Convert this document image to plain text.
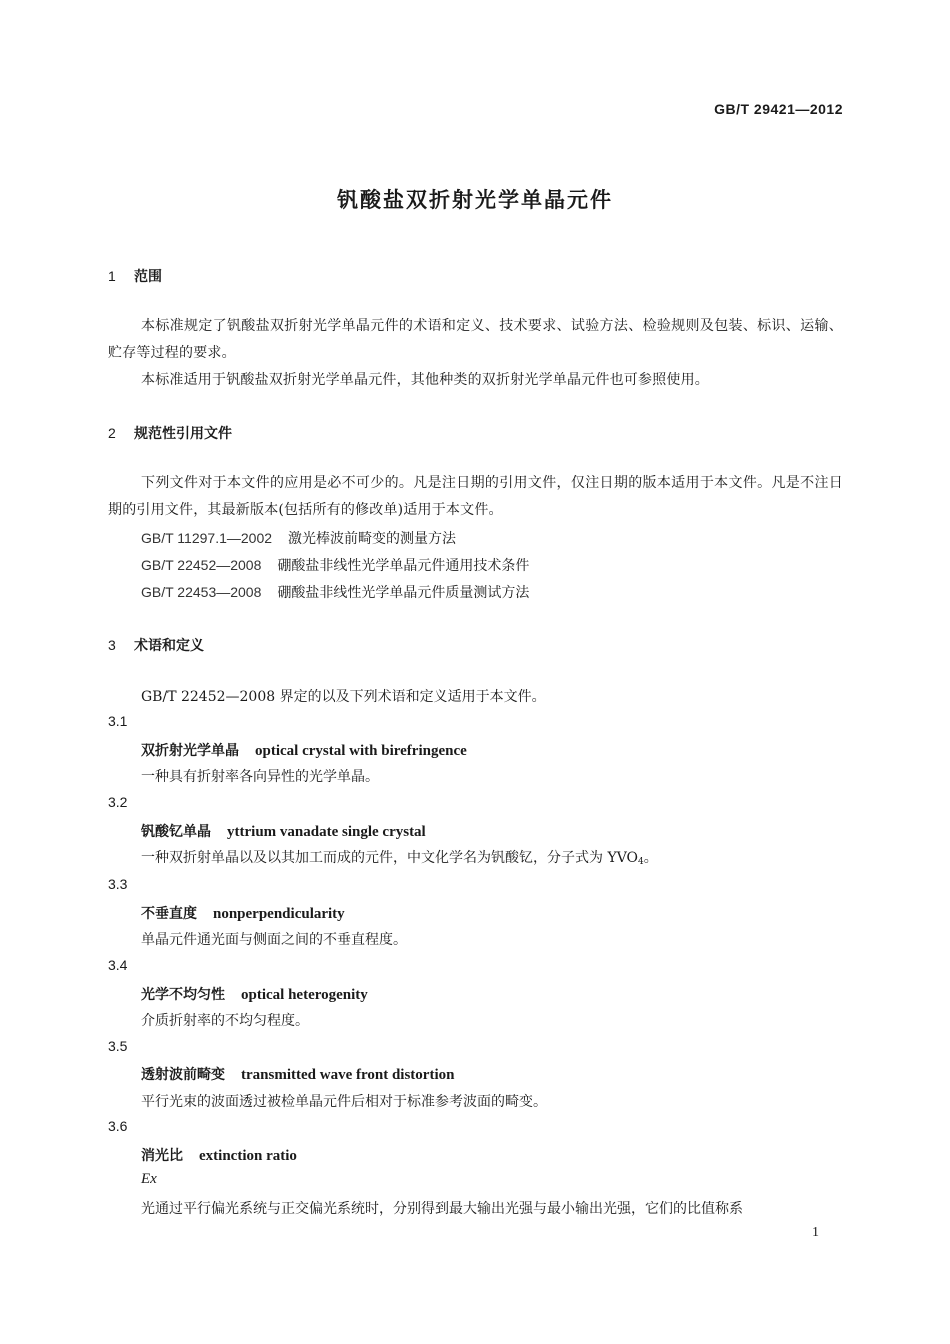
GB/T 29421—2012
钒酸盐双折射光学单晶元件
1 范围
本标准规定了钒酸盐双折射光学单晶元件的术语和定义、技术要求、试验方法、检验规则及包装、标识、运输、贮存等过程的要求。
本标准适用于钒酸盐双折射光学单晶元件，其他种类的双折射光学单晶元件也可参照使用。
2 规范性引用文件
下列文件对于本文件的应用是必不可少的。凡是注日期的引用文件，仅注日期的版本适用于本文件。凡是不注日期的引用文件，其最新版本(包括所有的修改单)适用于本文件。
GB/T 11297.1—2002 激光棒波前畸变的测量方法
GB/T 22452—2008 硼酸盐非线性光学单晶元件通用技术条件
GB/T 22453—2008 硼酸盐非线性光学单晶元件质量测试方法
3 术语和定义
GB/T 22452—2008 界定的以及下列术语和定义适用于本文件。
3.1
双折射光学单晶 optical crystal with birefringence
一种具有折射率各向异性的光学单晶。
3.2
钒酸钇单晶 yttrium vanadate single crystal
一种双折射单晶以及以其加工而成的元件，中文化学名为钒酸钇，分子式为 $YVO_4$。
3.3
不垂直度 nonperpendicularity
单晶元件通光面与侧面之间的不垂直程度。
3.4
光学不均匀性 optical heterogenity
介质折射率的不均匀程度。
3.5
透射波前畸变 transmitted wave front distortion
平行光束的波面透过被检单晶元件后相对于标准参考波面的畸变。
3.6
消光比 extinction ratio
Ex
光通过平行偏光系统与正交偏光系统时，分别得到最大输出光强与最小输出光强，它们的比值称系
1
